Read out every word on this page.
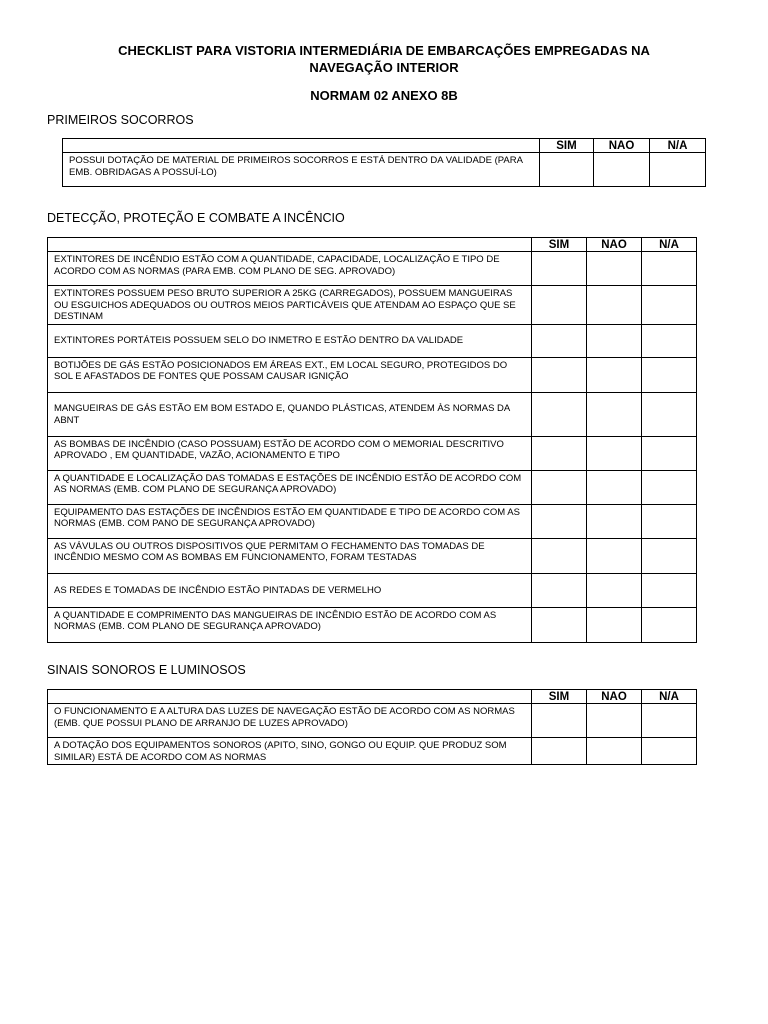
CHECKLIST PARA VISTORIA INTERMEDIÁRIA DE EMBARCAÇÕES EMPREGADAS NA
NAVEGAÇÃO INTERIOR
NORMAM 02 ANEXO 8B
PRIMEIROS SOCORROS
	SIM	NAO	N/A
POSSUI DOTAÇÃO DE MATERIAL DE PRIMEIROS SOCORROS E ESTÁ DENTRO DA VALIDADE (PARA EMB. OBRIDAGAS A POSSUÍ-LO)			
DETECÇÃO, PROTEÇÃO E COMBATE A INCÊNCIO
	SIM	NAO	N/A
EXTINTORES DE INCÊNDIO ESTÃO COM A QUANTIDADE, CAPACIDADE, LOCALIZAÇÃO E TIPO DE ACORDO COM AS NORMAS (PARA EMB. COM PLANO DE SEG. APROVADO)			
EXTINTORES POSSUEM PESO BRUTO SUPERIOR A 25KG (CARREGADOS), POSSUEM MANGUEIRAS OU ESGUICHOS ADEQUADOS OU OUTROS MEIOS PARTICÁVEIS QUE ATENDAM AO ESPAÇO QUE SE DESTINAM			
EXTINTORES PORTÁTEIS POSSUEM SELO DO INMETRO E ESTÃO DENTRO DA VALIDADE			
BOTIJÕES DE GÁS ESTÃO POSICIONADOS EM ÁREAS EXT., EM LOCAL SEGURO, PROTEGIDOS DO SOL E AFASTADOS DE FONTES QUE POSSAM CAUSAR IGNIÇÃO			
MANGUEIRAS DE GÁS ESTÃO EM BOM ESTADO E, QUANDO PLÁSTICAS, ATENDEM ÀS NORMAS DA ABNT			
AS BOMBAS DE INCÊNDIO (CASO POSSUAM) ESTÃO DE ACORDO COM O MEMORIAL DESCRITIVO APROVADO , EM QUANTIDADE, VAZÃO, ACIONAMENTO E TIPO			
A QUANTIDADE E LOCALIZAÇÃO DAS TOMADAS E ESTAÇÕES DE INCÊNDIO ESTÃO DE ACORDO COM AS NORMAS (EMB. COM PLANO DE SEGURANÇA APROVADO)			
EQUIPAMENTO DAS ESTAÇÕES DE INCÊNDIOS ESTÃO EM QUANTIDADE E TIPO DE ACORDO COM AS NORMAS (EMB. COM PANO DE SEGURANÇA APROVADO)			
AS VÁVULAS OU OUTROS DISPOSITIVOS QUE PERMITAM O FECHAMENTO DAS TOMADAS DE INCÊNDIO MESMO COM AS BOMBAS EM FUNCIONAMENTO, FORAM TESTADAS			
AS REDES E TOMADAS DE INCÊNDIO ESTÃO PINTADAS DE VERMELHO			
A QUANTIDADE E COMPRIMENTO DAS MANGUEIRAS DE INCÊNDIO ESTÃO DE ACORDO COM AS NORMAS (EMB. COM PLANO DE SEGURANÇA APROVADO)			
SINAIS SONOROS E LUMINOSOS
	SIM	NAO	N/A
O FUNCIONAMENTO E A ALTURA DAS LUZES DE NAVEGAÇÃO ESTÃO DE ACORDO COM AS NORMAS (EMB. QUE POSSUI PLANO DE ARRANJO DE LUZES APROVADO)			
A DOTAÇÃO DOS EQUIPAMENTOS SONOROS (APITO, SINO, GONGO OU EQUIP. QUE PRODUZ SOM SIMILAR) ESTÁ DE ACORDO COM AS NORMAS			
